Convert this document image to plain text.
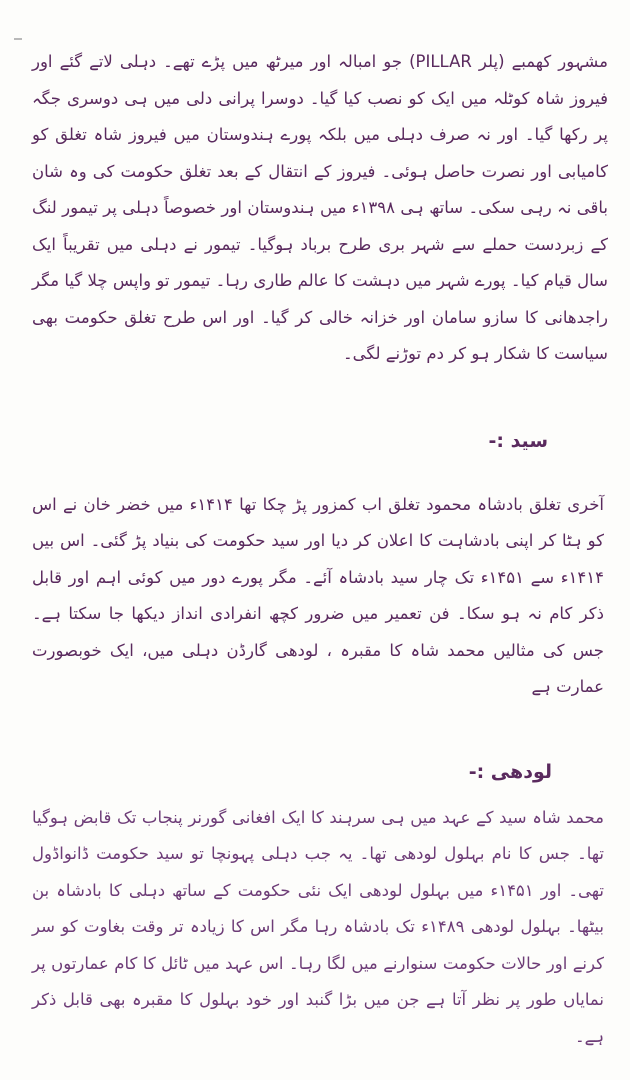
مشہور کھمبے (پلر PILLAR) جو امبالہ اور میرٹھ میں پڑے تھے۔ دہلی لاتے گئے اور فیروز شاہ کوٹلہ میں ایک کو نصب کیا گیا۔ دوسرا پرانی دلی میں ہی دوسری جگہ پر رکھا گیا۔ اور نہ صرف دہلی میں بلکہ پورے ہندوستان میں فیروز شاہ تغلق کو کامیابی اور نصرت حاصل ہوئی۔ فیروز کے انتقال کے بعد تغلق حکومت کی وہ شان باقی نہ رہی سکی۔ ساتھ ہی ۱۳۹۸ء میں ہندوستان اور خصوصاً دہلی پر تیمور لنگ کے زبردست حملے سے شہر بری طرح برباد ہوگیا۔ تیمور نے دہلی میں تقریباً ایک سال قیام کیا۔ پورے شہر میں دہشت کا عالم طاری رہا۔ تیمور تو واپس چلا گیا مگر راجدھانی کا سازو سامان اور خزانہ خالی کر گیا۔ اور اس طرح تغلق حکومت بھی سیاست کا شکار ہو کر دم توڑنے لگی۔

سید :-

آخری تغلق بادشاہ محمود تغلق اب کمزور پڑ چکا تھا ۱۴۱۴ء میں خضر خان نے اس کو ہٹا کر اپنی بادشاہت کا اعلان کر دیا اور سید حکومت کی بنیاد پڑ گئی۔ اس بیں ۱۴۱۴ء سے ۱۴۵۱ء تک چار سید بادشاہ آئے۔ مگر پورے دور میں کوئی اہم اور قابل ذکر کام نہ ہو سکا۔ فن تعمیر میں ضرور کچھ انفرادی انداز دیکھا جا سکتا ہے۔ جس کی مثالیں محمد شاہ کا مقبرہ ، لودھی گارڈن دہلی میں، ایک خوبصورت عمارت ہے

لودھی :-

محمد شاہ سید کے عہد میں ہی سرہند کا ایک افغانی گورنر پنجاب تک قابض ہوگیا تھا۔ جس کا نام بہلول لودھی تھا۔ یہ جب دہلی پہونچا تو سید حکومت ڈانواڈول تھی۔ اور ۱۴۵۱ء میں بہلول لودھی ایک نئی حکومت کے ساتھ دہلی کا بادشاہ بن بیٹھا۔ بہلول لودھی ۱۴۸۹ء تک بادشاہ رہا مگر اس کا زیادہ تر وقت بغاوت کو سر کرنے اور حالات حکومت سنوارنے میں لگا رہا۔ اس عہد میں ٹائل کا کام عمارتوں پر نمایاں طور پر نظر آتا ہے جن میں بڑا گنبد اور خود بہلول کا مقبرہ بھی قابل ذکر ہے۔
